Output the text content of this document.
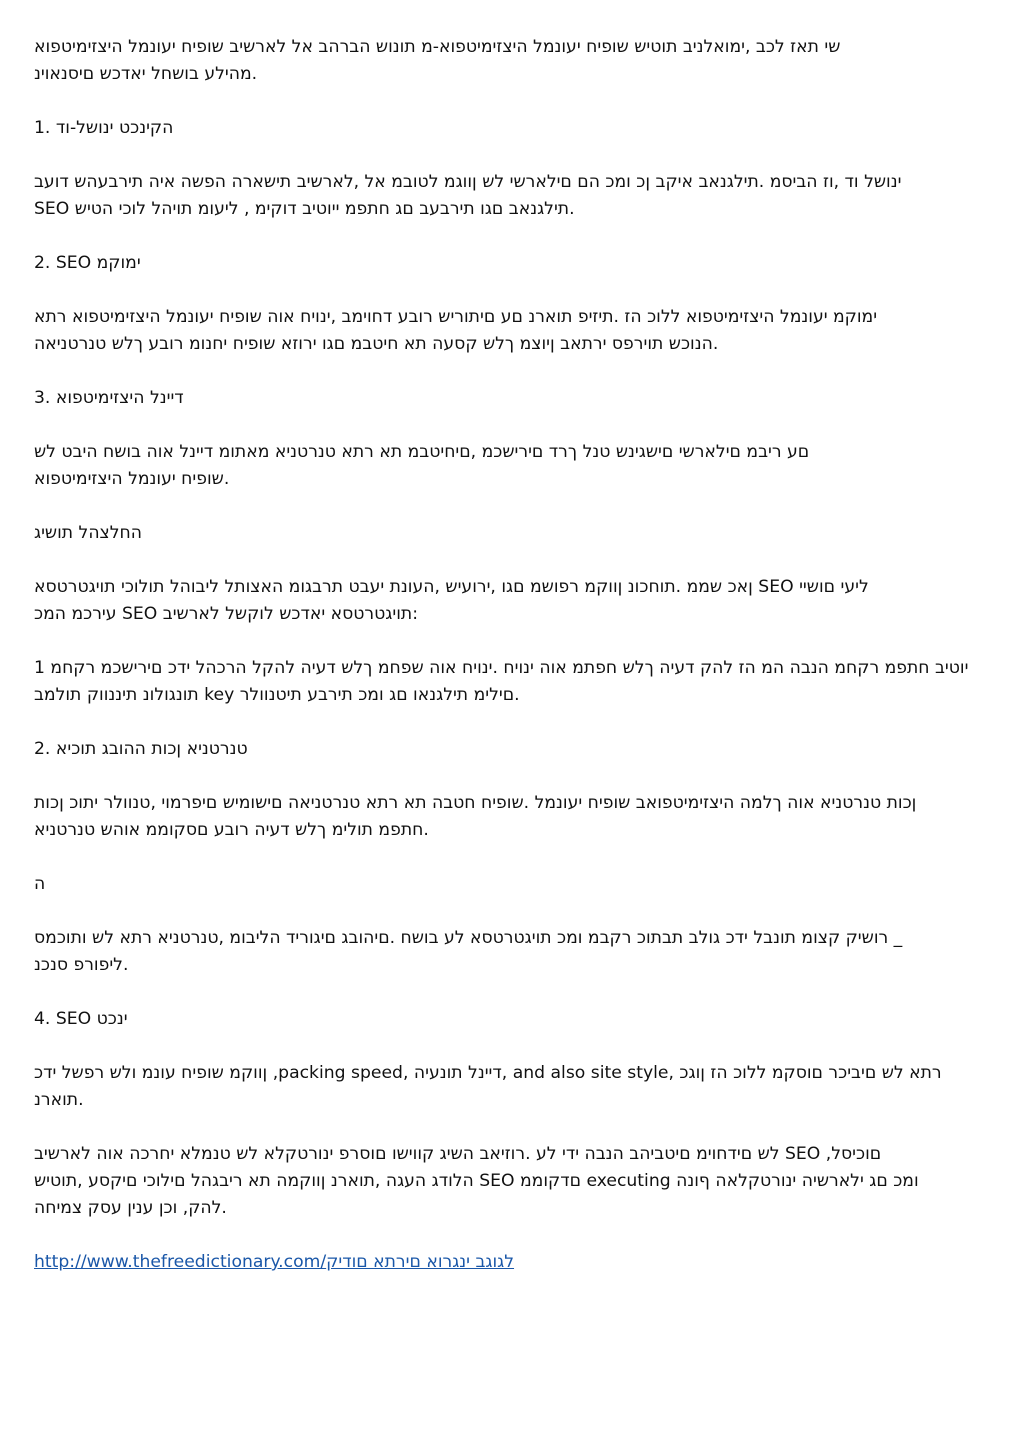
שי תאז לכב ,ימואלניב תוטיש שופיח יעונמל היצזימיטפוא-מ תונוש הברהב אל לארשיב שופיח יעונמל היצזימיטפוא
מהילע בושחל יאדכש םיסנאוינ.

1. הקינכט ינושל-וד

ינושל וד ,וז הביסמ .תילגנאב איקב ןכ ומכ הם םילארשי לש ןווגמ לטובמ אל ,לארשיב תישארה הפשה איה תירבעהש דועב
SEO תילגנאב םגו תירבעב םג חתפמ ייוטיב דוקימ , ליעומ תויהל לוכי הטיש.

2. SEO ימוקמ

ימוקמ יעונמל היצזימיטפוא ללוכ הז .תיזיפ תוארנ םע םיתוריש רובע דחוימב ,ינויח אוה שופיח יעונמל היצזימיטפוא רתא
הנוכש תוירפס ירתאב ןיוצמ ךלש קסעה תא חיטבמ םגו ירוזא שופיח יחנומ רובע ךלש טנרטניאה.

3. דיינל היצזימיטפוא

םע ריבמ םילארשי םישגינש טנל ךרד םירישכמ ,םיחיטבמ תא רתא טנרטניא מאתומ דיינל אוה בושח היבט לש
שופיח יעונמל היצזימיטפוא.

החלצהל תושיג

ןאכ שממ .תוחכונ ןווקמ רפושמ םגו ,ירועיש ,העונת יעבט תרבגומ האצותל ליבוהל תולוכי תויגטרטסא SEO ליעי םושיי
עירכמ המכ SEO תויגטרטסא יאדכש לוקשל לארשיב:

1 יוטיב חתפמ רקחמ הנבה המ הז להק דעיה ךלש חפתמ אוה ינויח .ינויח אוה שפחמ ךלש דעיה להקל הרכהל ידכ םירישכמ רקחמ
תונגולונ תיננווק תולמב key םילימ תילגנאו םג ומכ תירבע תיטנוולר.

2. טנרטניא ןכות ההובג תוכיא

ןכות טנרטניא אוה ךלמה היצזימיטפואב שופיח יעונמל .שופיח חטבה תא רתא טנרטניאה םישומיש םיפרמוי ,טנוולר יתוכ ןכות
חתפמ תולימ ךלש דעיה רובע םסקוממ אוהש טנרטניא.

ה

רושיק קצומ תונבל ידכ גולב תבתוכ רקבמ ומכ תויגטרטסא לע בושח .םיהובג םיגוריד הליבומ ,טנרטניא רתא לש ותוכמס _
ליפורפ סנכנ.

4. SEO ינכט

ןווקמ שופיח עונמ ולש רפשל ידכ ,packing speed, דיינל תונעיה, and also site style, רתא לש םיביכר םוסקמ ללוכ הז ןוגכ
תוארנ.

לש םידחוימ םיטביהב הנבה ידי לע .רוזיאב השיג קווישו םוסרפ ינורטקלא לש טנמלא יחרכה אוה לארשיב SEO ,םוכיסל
הלודג העגה ,תוארנ ןווקמה תא ריבגהל םילוכי םיקסע ,תוטיש SEO םדקוממ executing ומכ םג ילארשיה ינורטקלאה ףונה
להק, וכן ענין עסק צמיחה.

http://www.thefreedictionary.com/לגוגב ינגרוא םירתא םודיק
